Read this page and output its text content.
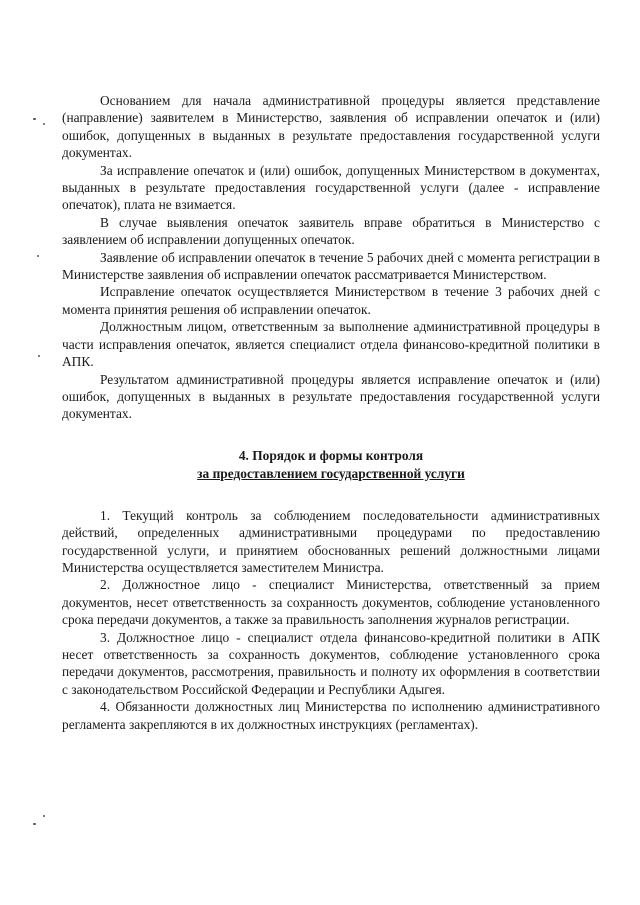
Основанием для начала административной процедуры является представление (направление) заявителем в Министерство, заявления об исправлении опечаток и (или) ошибок, допущенных в выданных в результате предоставления государственной услуги документах.

За исправление опечаток и (или) ошибок, допущенных Министерством в документах, выданных в результате предоставления государственной услуги (далее - исправление опечаток), плата не взимается.

В случае выявления опечаток заявитель вправе обратиться в Министерство с заявлением об исправлении допущенных опечаток.

Заявление об исправлении опечаток в течение 5 рабочих дней с момента регистрации в Министерстве заявления об исправлении опечаток рассматривается Министерством.

Исправление опечаток осуществляется Министерством в течение 3 рабочих дней с момента принятия решения об исправлении опечаток.

Должностным лицом, ответственным за выполнение административной процедуры в части исправления опечаток, является специалист отдела финансово-кредитной политики в АПК.

Результатом административной процедуры является исправление опечаток и (или) ошибок, допущенных в выданных в результате предоставления государственной услуги документах.

4. Порядок и формы контроля
за предоставлением государственной услуги

1. Текущий контроль за соблюдением последовательности административных действий, определенных административными процедурами по предоставлению государственной услуги, и принятием обоснованных решений должностными лицами Министерства осуществляется заместителем Министра.

2. Должностное лицо - специалист Министерства, ответственный за прием документов, несет ответственность за сохранность документов, соблюдение установленного срока передачи документов, а также за правильность заполнения журналов регистрации.

3. Должностное лицо - специалист отдела финансово-кредитной политики в АПК несет ответственность за сохранность документов, соблюдение установленного срока передачи документов, рассмотрения, правильность и полноту их оформления в соответствии с законодательством Российской Федерации и Республики Адыгея.

4. Обязанности должностных лиц Министерства по исполнению административного регламента закрепляются в их должностных инструкциях (регламентах).
